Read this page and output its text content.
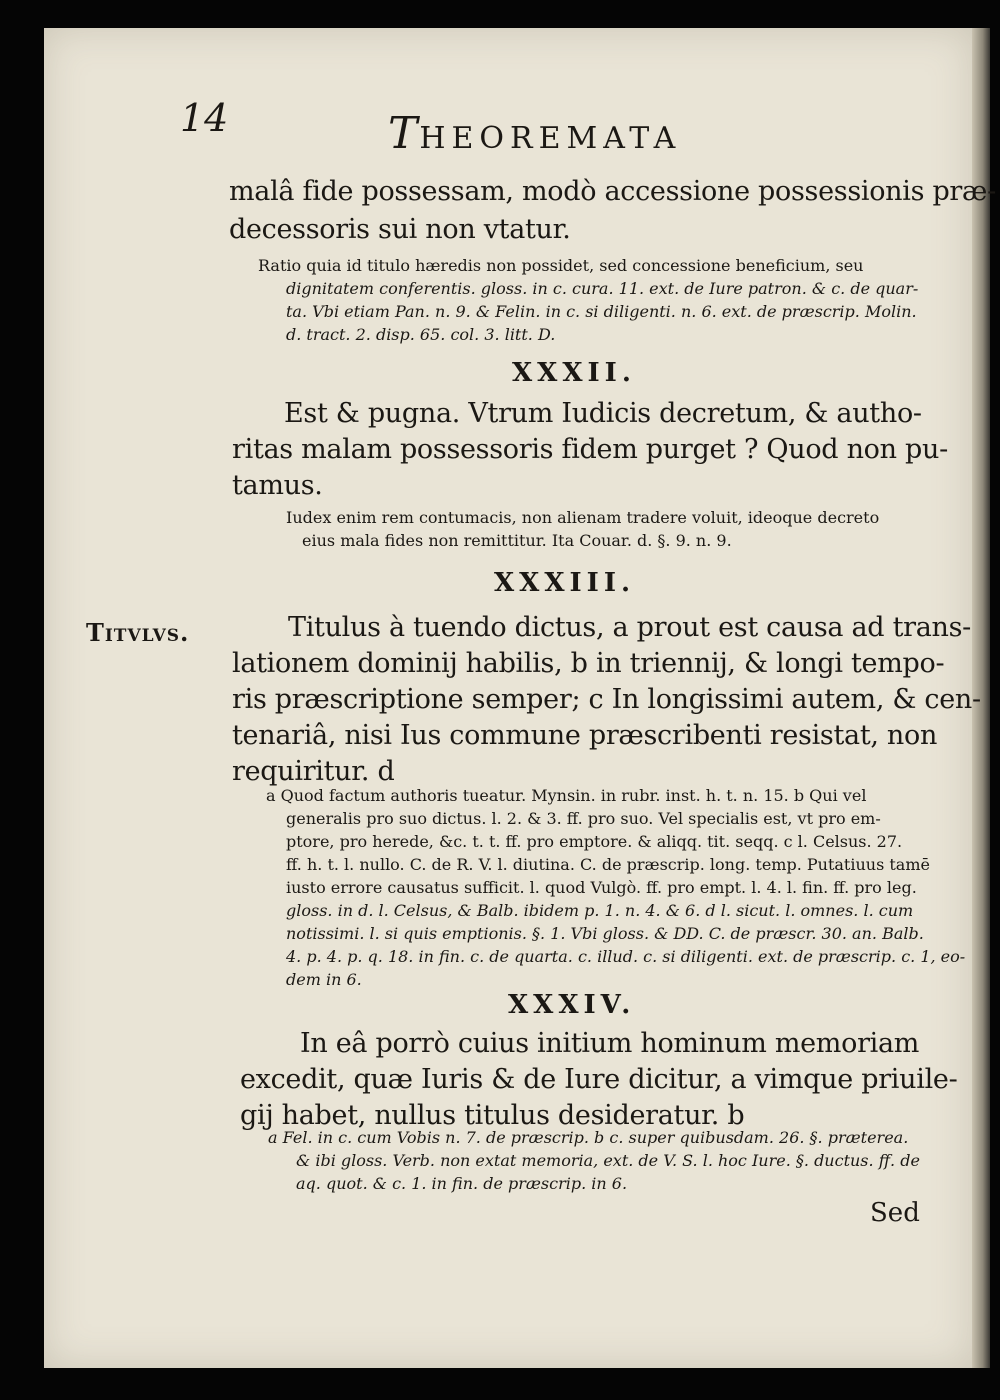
14	THEOREMATA
Titvlvs.
malâ fide possessam, modò accessione possessionis præ-
decessoris sui non vtatur.
Ratio quia id titulo hæredis non possidet, sed concessione beneficium, seu
dignitatem conferentis. gloss. in c. cura. 11. ext. de Iure patron. & c. de quar-
ta. Vbi etiam Pan. n. 9. & Felin. in c. si diligenti. n. 6. ext. de præscrip. Molin.
d. tract. 2. disp. 65. col. 3. litt. D.
XXXII.
Est & pugna. Vtrum Iudicis decretum, & autho-
ritas malam possessoris fidem purget ? Quod non pu-
tamus.
Iudex enim rem contumacis, non alienam tradere voluit, ideoque decreto
eius mala fides non remittitur. Ita Couar. d. §. 9. n. 9.
XXXIII.
Titulus à tuendo dictus, a prout est causa ad trans-
lationem dominij habilis, b in triennij, & longi tempo-
ris præscriptione semper; c In longissimi autem, & cen-
tenariâ, nisi Ius commune præscribenti resistat, non
requiritur. d
a Quod factum authoris tueatur. Mynsin. in rubr. inst. h. t. n. 15. b Qui vel
generalis pro suo dictus. l. 2. & 3. ff. pro suo. Vel specialis est, vt pro em-
ptore, pro herede, &c. t. t. ff. pro emptore. & aliqq. tit. seqq. c l. Celsus. 27.
ff. h. t. l. nullo. C. de R. V. l. diutina. C. de præscrip. long. temp. Putatiuus tamē
iusto errore causatus sufficit. l. quod Vulgò. ff. pro empt. l. 4. l. fin. ff. pro leg.
gloss. in d. l. Celsus, & Balb. ibidem p. 1. n. 4. & 6. d l. sicut. l. omnes. l. cum
notissimi. l. si quis emptionis. §. 1. Vbi gloss. & DD. C. de præscr. 30. an. Balb.
4. p. 4. p. q. 18. in fin. c. de quarta. c. illud. c. si diligenti. ext. de præscrip. c. 1, eo-
dem in 6.
XXXIV.
In eâ porrò cuius initium hominum memoriam
excedit, quæ Iuris & de Iure dicitur, a vimque priuile-
gij habet, nullus titulus desideratur. b
a Fel. in c. cum Vobis n. 7. de præscrip. b c. super quibusdam. 26. §. præterea.
& ibi gloss. Verb. non extat memoria, ext. de V. S. l. hoc Iure. §. ductus. ff. de
aq. quot. & c. 1. in fin. de præscrip. in 6.
Sed
